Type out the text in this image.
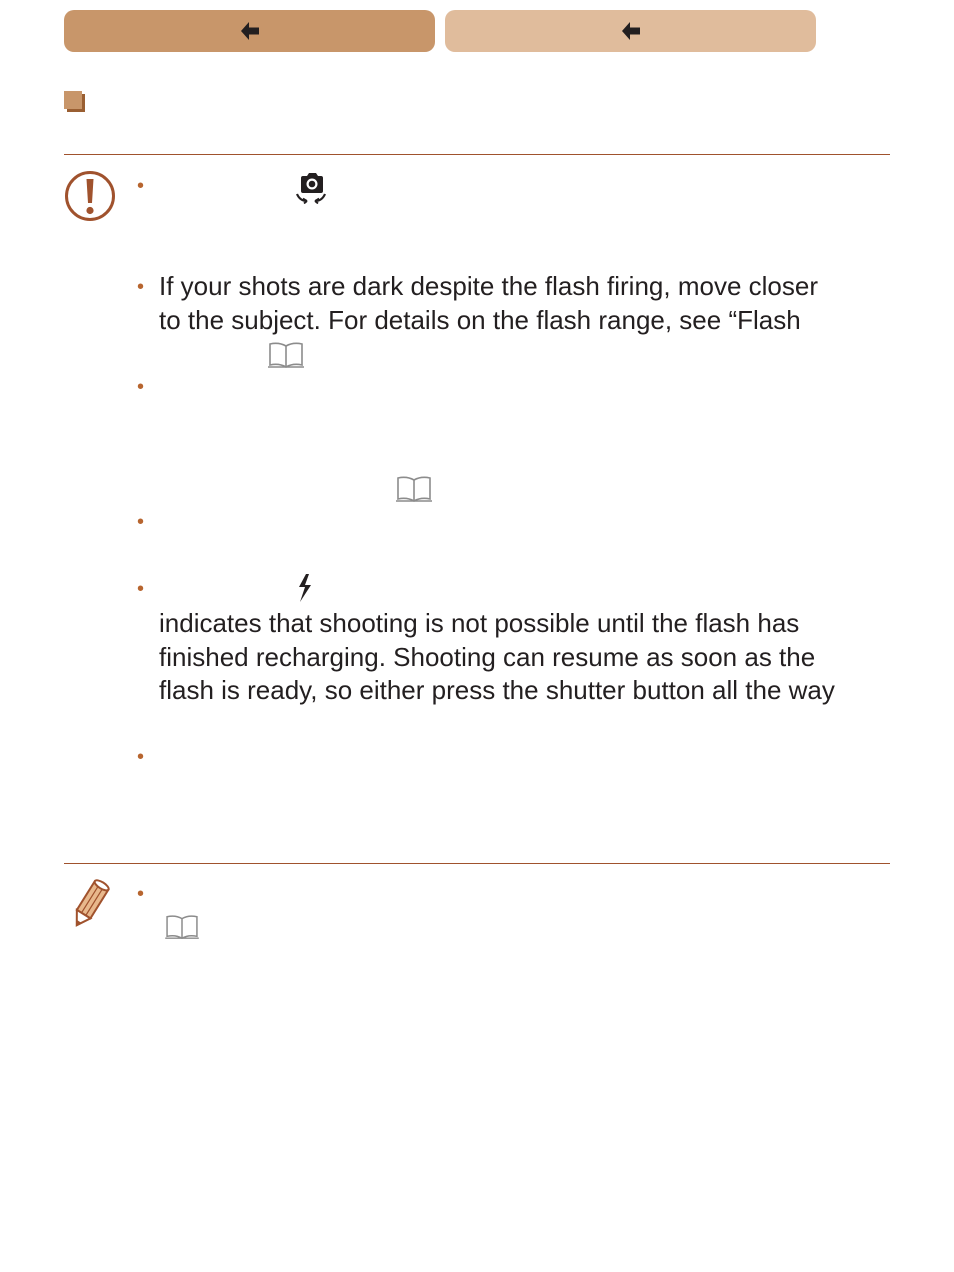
•
• If your shots are dark despite the flash firing, move closer
to the subject. For details on the flash range, see “Flash
•
•
•
indicates that shooting is not possible until the flash has
finished recharging. Shooting can resume as soon as the
flash is ready, so either press the shutter button all the way
•
•
